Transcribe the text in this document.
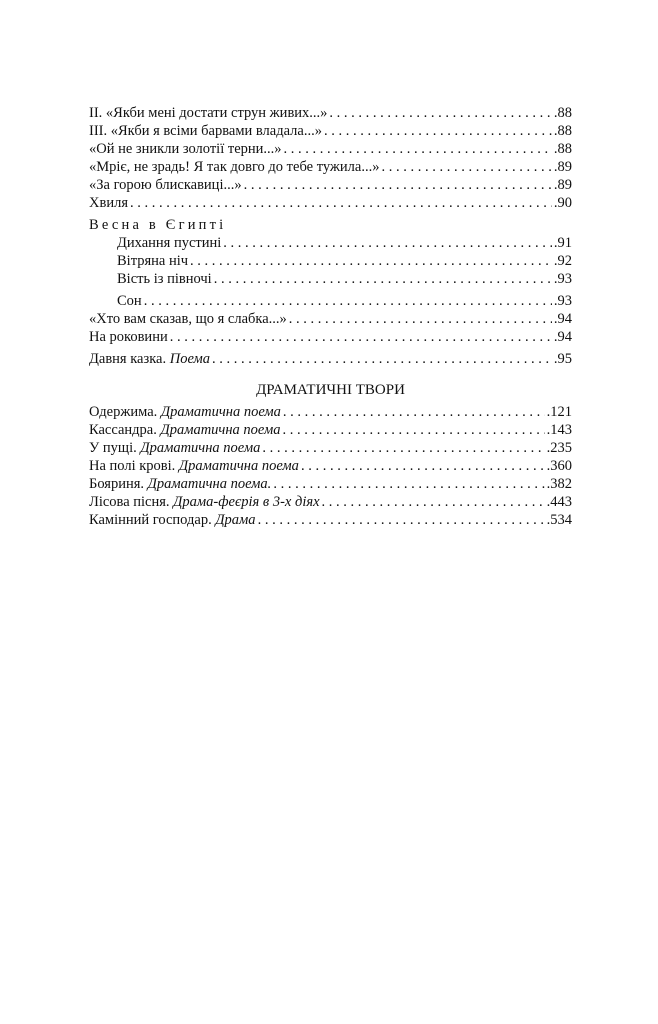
ІІ. «Якби мені достати струн живих...» . . .	.88
ІІІ. «Якби я всіми барвами владала...» . . .	.88
«Ой не зникли золотії терни...» . . .	.88
«Мріє, не зрадь! Я так довго до тебе тужила...» . . .	.89
«За горою блискавиці...» . . .	.89
Хвиля . . .	.90
Весна в Єгипті
Дихання пустині . . .	.91
Вітряна ніч . . .	.92
Вість із півночі . . .	.93
Сон . . .	.93
«Хто вам сказав, що я слабка...» . . .	.94
На роковини . . .	.94
Давня казка. Поема . . .	.95
ДРАМАТИЧНІ ТВОРИ
Одержима. Драматична поема . . .	.121
Кассандра. Драматична поема . . .	.143
У пущі. Драматична поема . . .	.235
На полі крові. Драматична поема . . .	.360
Бояриня. Драматична поема. . . .	.382
Лісова пісня. Драма-феєрія в 3-х діях . . .	.443
Камінний господар. Драма . . .	.534
